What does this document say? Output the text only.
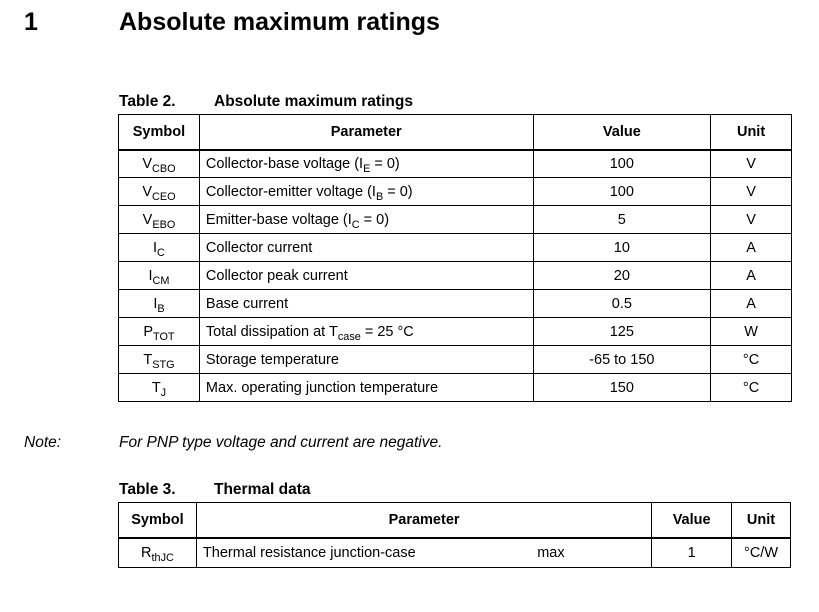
1	Absolute maximum ratings
Table 2. Absolute maximum ratings
Symbol	Parameter	Value	Unit
$V_{CBO}$	Collector-base voltage $(I_E = 0)$	100	V
$V_{CEO}$	Collector-emitter voltage $(I_B = 0)$	100	V
$V_{EBO}$	Emitter-base voltage $(I_C = 0)$	5	V
$I_C$	Collector current	10	A
$I_{CM}$	Collector peak current	20	A
$I_B$	Base current	0.5	A
$P_{TOT}$	Total dissipation at $T_{case} = 25$ °C	125	W
$T_{STG}$	Storage temperature	-65 to 150	°C
$T_J$	Max. operating junction temperature	150	°C
Note:	For PNP type voltage and current are negative.
Table 3. Thermal data
Symbol	Parameter	Value	Unit
$R_{thJC}$	Thermal resistance junction-case max	1	°C/W
